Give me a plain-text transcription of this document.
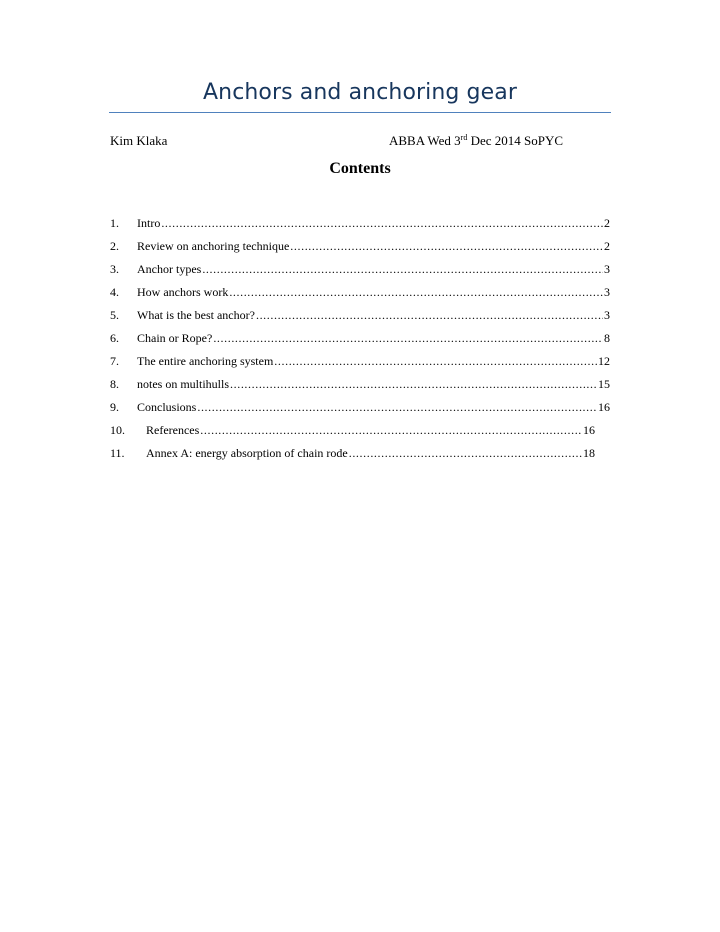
Anchors and anchoring gear
Kim Klaka	ABBA Wed 3rd Dec 2014 SoPYC
Contents
1.	Intro .....	2
2.	Review on anchoring technique .....	2
3.	Anchor types .....	3
4.	How anchors work .....	3
5.	What is the best anchor? .....	3
6.	Chain or Rope? .....	8
7.	The entire anchoring system .....	12
8.	notes on multihulls .....	15
9.	Conclusions .....	16
10.	References .....	16
11.	Annex A: energy absorption of chain rode .....	18
